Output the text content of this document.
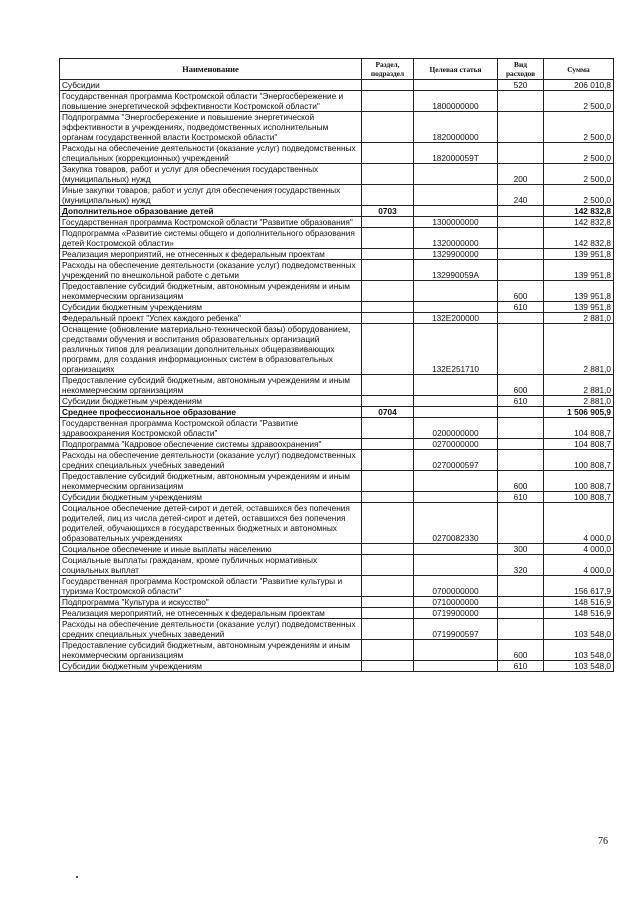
Наименование	Раздел, подраздел	Целевая статья	Вид расходов	Сумма
Субсидии			520	206 010,8
Государственная программа Костромской области "Энергосбережение и повышение энергетической эффективности Костромской области"		1800000000		2 500,0
Подпрограмма "Энергосбережение и повышение энергетической эффективности в учреждениях, подведомственных исполнительным органам государственной власти Костромской области"		1820000000		2 500,0
Расходы на обеспечение деятельности (оказание услуг) подведомственных специальных (коррекционных) учреждений		182000059Т		2 500,0
Закупка товаров, работ и услуг для обеспечения государственных (муниципальных) нужд			200	2 500,0
Иные закупки товаров, работ и услуг для обеспечения государственных (муниципальных) нужд			240	2 500,0
Дополнительное образование детей	0703			142 832,8
Государственная программа Костромской области "Развитие образования"		1300000000		142 832,8
Подпрограмма «Развитие системы общего и дополнительного образования детей Костромской области»		1320000000		142 832,8
Реализация мероприятий, не отнесенных к федеральным проектам		1329900000		139 951,8
Расходы на обеспечение деятельности (оказание услуг) подведомственных учреждений по внешкольной работе с детьми		132990059А		139 951,8
Предоставление субсидий бюджетным, автономным учреждениям и иным некоммерческим организациям			600	139 951,8
Субсидии бюджетным учреждениям			610	139 951,8
Федеральный проект "Успех каждого ребенка"		132Е200000		2 881,0
Оснащение (обновление материально-технической базы) оборудованием, средствами обучения и воспитания образовательных организаций различных типов для реализации дополнительных общеразвивающих программ, для создания информационных систем в образовательных организациях		132Е251710		2 881,0
Предоставление субсидий бюджетным, автономным учреждениям и иным некоммерческим организациям			600	2 881,0
Субсидии бюджетным учреждениям			610	2 881,0
Среднее профессиональное образование	0704			1 506 905,9
Государственная программа Костромской области "Развитие здравоохранения Костромской области"		0200000000		104 808,7
Подпрограмма "Кадровое обеспечение системы здравоохранения"		0270000000		104 808,7
Расходы на обеспечение деятельности (оказание услуг) подведомственных средних специальных учебных заведений		0270000597		100 808,7
Предоставление субсидий бюджетным, автономным учреждениям и иным некоммерческим организациям			600	100 808,7
Субсидии бюджетным учреждениям			610	100 808,7
Социальное обеспечение детей-сирот и детей, оставшихся без попечения родителей, лиц из числа детей-сирот и детей, оставшихся без попечения родителей, обучающихся в государственных бюджетных и автономных образовательных учреждениях		0270082330		4 000,0
Социальное обеспечение и иные выплаты населению			300	4 000,0
Социальные выплаты гражданам, кроме публичных нормативных социальных выплат			320	4 000,0
Государственная программа Костромской области "Развитие культуры и туризма Костромской области"		0700000000		156 617,9
Подпрограмма "Культура и искусство"		0710000000		148 516,9
Реализация мероприятий, не отнесенных к федеральным проектам		0719900000		148 516,9
Расходы на обеспечение деятельности (оказание услуг) подведомственных средних специальных учебных заведений		0719900597		103 548,0
Предоставление субсидий бюджетным, автономным учреждениям и иным некоммерческим организациям			600	103 548,0
Субсидии бюджетным учреждениям			610	103 548,0
76
